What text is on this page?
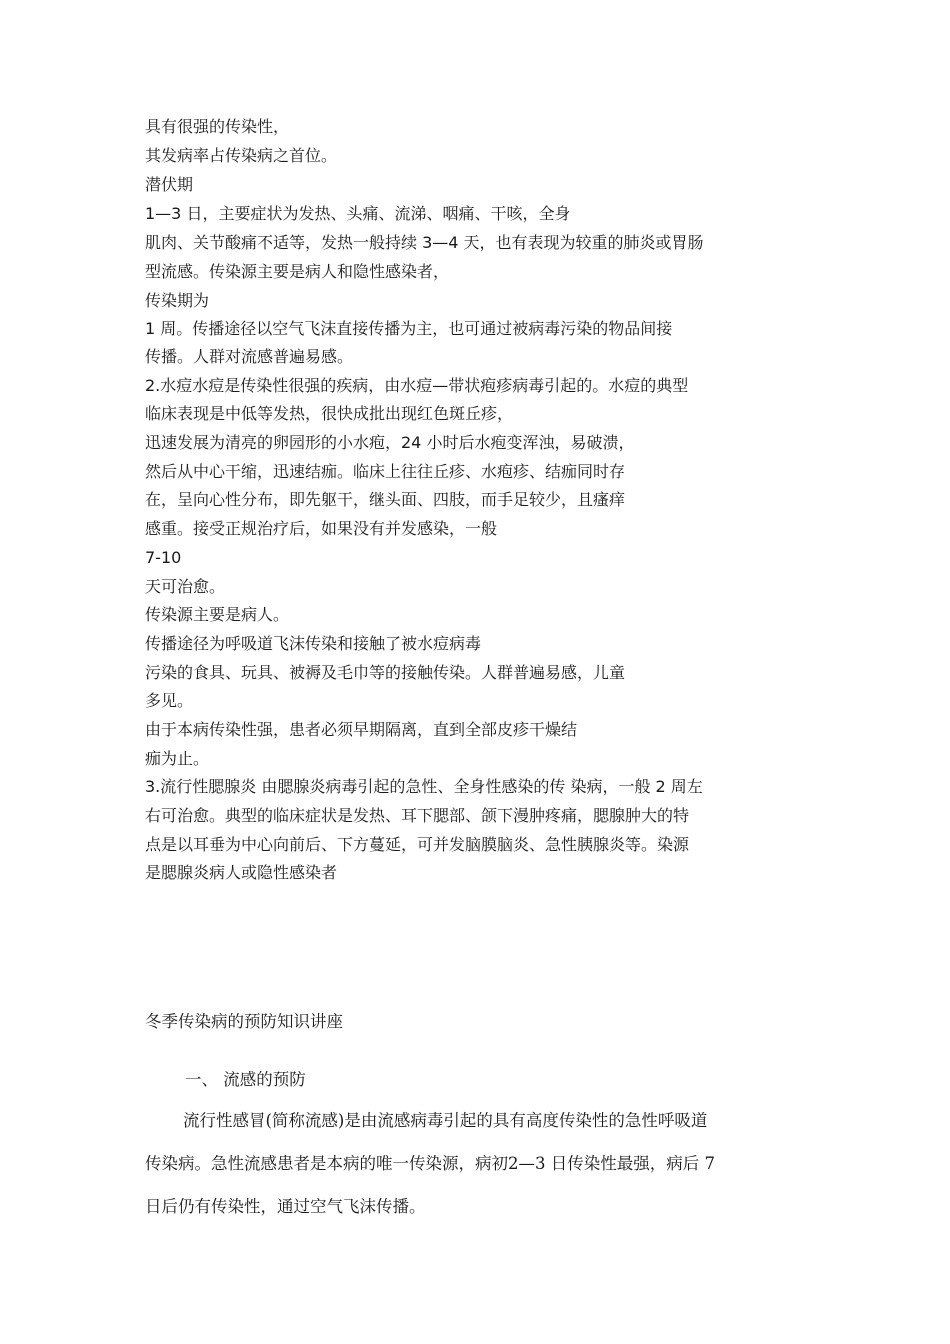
具有很强的传染性，
其发病率占传染病之首位。
潜伏期
1—3 日，主要症状为发热、头痛、流涕、咽痛、干咳，全身
肌肉、关节酸痛不适等，发热一般持续 3—4 天，也有表现为较重的肺炎或胃肠
型流感。传染源主要是病人和隐性感染者，
传染期为
1 周。传播途径以空气飞沫直接传播为主，也可通过被病毒污染的物品间接
传播。人群对流感普遍易感。
2.水痘水痘是传染性很强的疾病，由水痘—带状疱疹病毒引起的。水痘的典型
临床表现是中低等发热，很快成批出现红色斑丘疹，
迅速发展为清亮的卵园形的小水疱，24 小时后水疱变浑浊，易破溃，
然后从中心干缩，迅速结痂。临床上往往丘疹、水疱疹、结痂同时存
在，呈向心性分布，即先躯干，继头面、四肢，而手足较少，且瘙痒
感重。接受正规治疗后，如果没有并发感染，一般
7-10
天可治愈。
传染源主要是病人。
传播途径为呼吸道飞沫传染和接触了被水痘病毒
污染的食具、玩具、被褥及毛巾等的接触传染。人群普遍易感，儿童
多见。
由于本病传染性强，患者必须早期隔离，直到全部皮疹干燥结
痂为止。
3.流行性腮腺炎 由腮腺炎病毒引起的急性、全身性感染的传 染病，一般 2 周左
右可治愈。典型的临床症状是发热、耳下腮部、颌下漫肿疼痛，腮腺肿大的特
点是以耳垂为中心向前后、下方蔓延，可并发脑膜脑炎、急性胰腺炎等。染源
是腮腺炎病人或隐性感染者
冬季传染病的预防知识讲座
一、 流感的预防
流行性感冒(简称流感)是由流感病毒引起的具有高度传染性的急性呼吸道
传染病。急性流感患者是本病的唯一传染源，病初2—3 日传染性最强，病后 7
日后仍有传染性，通过空气飞沫传播。
